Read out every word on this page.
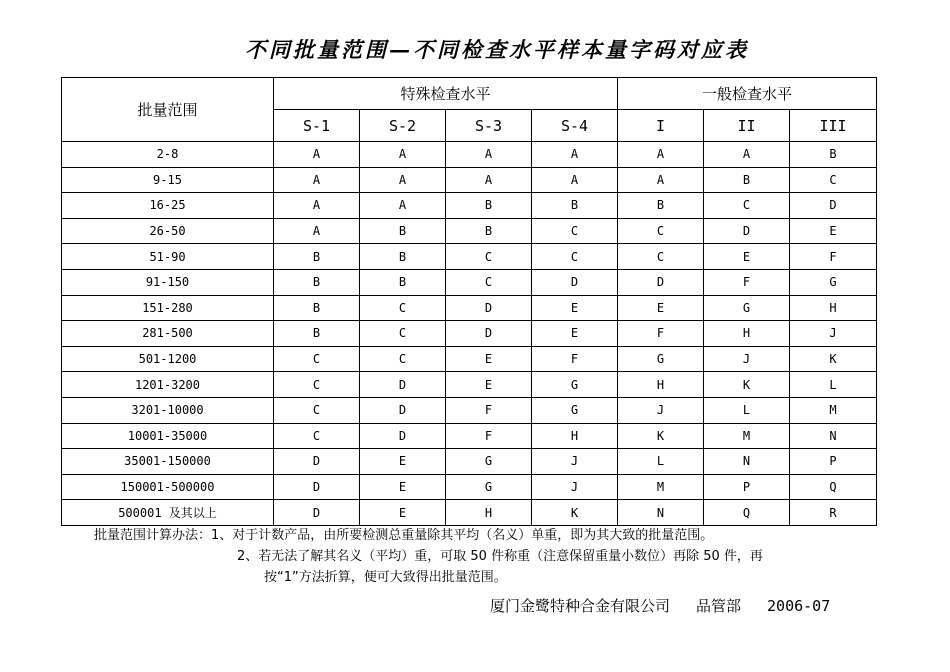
不同批量范围—不同检查水平样本量字码对应表
批量范围	特殊检查水平				一般检查水平		
	S-1	S-2	S-3	S-4	I	II	III
2-8	A	A	A	A	A	A	B
9-15	A	A	A	A	A	B	C
16-25	A	A	B	B	B	C	D
26-50	A	B	B	C	C	D	E
51-90	B	B	C	C	C	E	F
91-150	B	B	C	D	D	F	G
151-280	B	C	D	E	E	G	H
281-500	B	C	D	E	F	H	J
501-1200	C	C	E	F	G	J	K
1201-3200	C	D	E	G	H	K	L
3201-10000	C	D	F	G	J	L	M
10001-35000	C	D	F	H	K	M	N
35001-150000	D	E	G	J	L	N	P
150001-500000	D	E	G	J	M	P	Q
500001 及其以上	D	E	H	K	N	Q	R
批量范围计算办法：1、对于计数产品，由所要检测总重量除其平均（名义）单重，即为其大致的批量范围。
2、若无法了解其名义（平均）重，可取 50 件称重（注意保留重量小数位）再除 50 件，再
按“1”方法折算，便可大致得出批量范围。
厦门金鹭特种合金有限公司 品管部 2006-07
